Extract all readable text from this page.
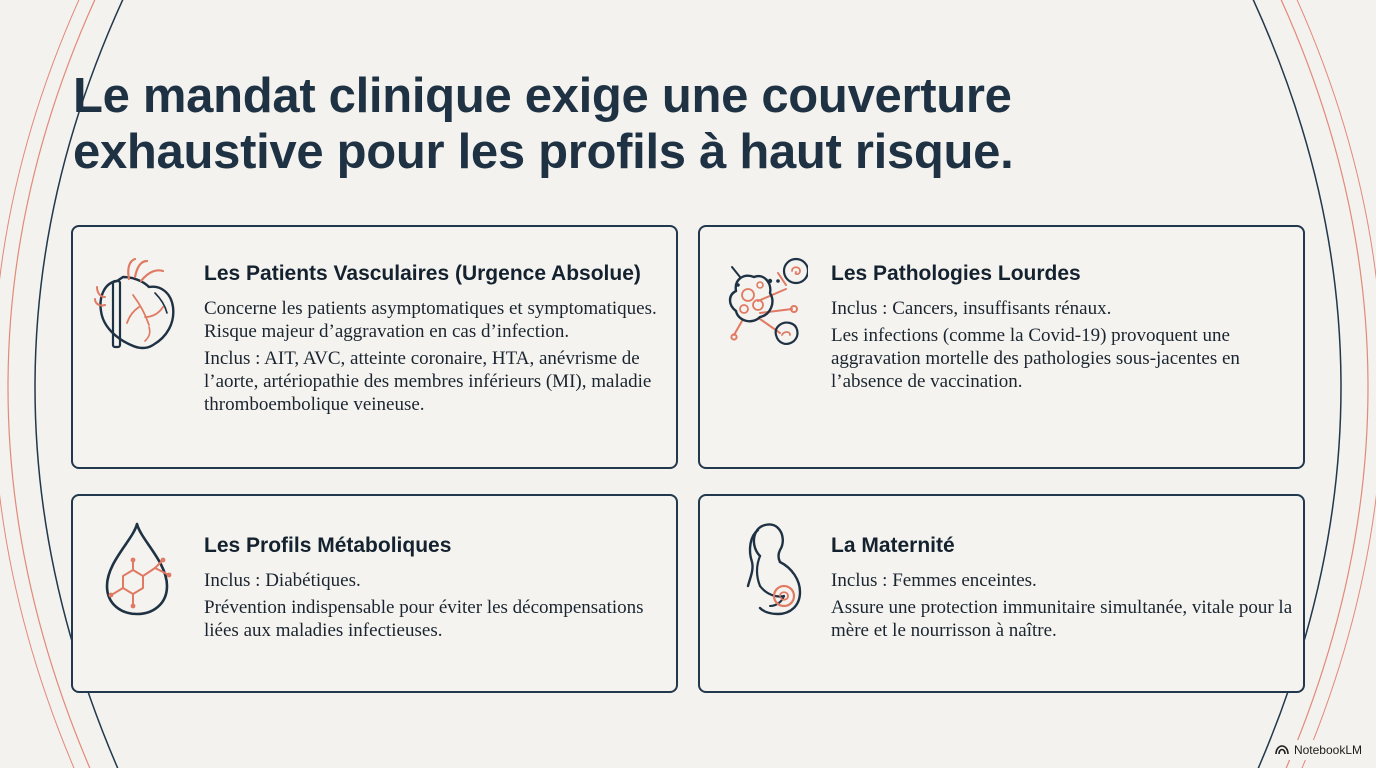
Le mandat clinique exige une couverture
exhaustive pour les profils à haut risque.
Les Patients Vasculaires (Urgence Absolue)

Concerne les patients asymptomatiques et symptomatiques. Risque majeur d’aggravation en cas d’infection.

Inclus : AIT, AVC, atteinte coronaire, HTA, anévrisme de l’aorte, artériopathie des membres inférieurs (MI), maladie thromboembolique veineuse.

Les Pathologies Lourdes

Inclus : Cancers, insuffisants rénaux.

Les infections (comme la Covid-19) provoquent une aggravation mortelle des pathologies sous-jacentes en l’absence de vaccination.

Les Profils Métaboliques

Inclus : Diabétiques.

Prévention indispensable pour éviter les décompensations liées aux maladies infectieuses.

La Maternité

Inclus : Femmes enceintes.

Assure une protection immunitaire simultanée, vitale pour la mère et le nourrisson à naître.

NotebookLM
